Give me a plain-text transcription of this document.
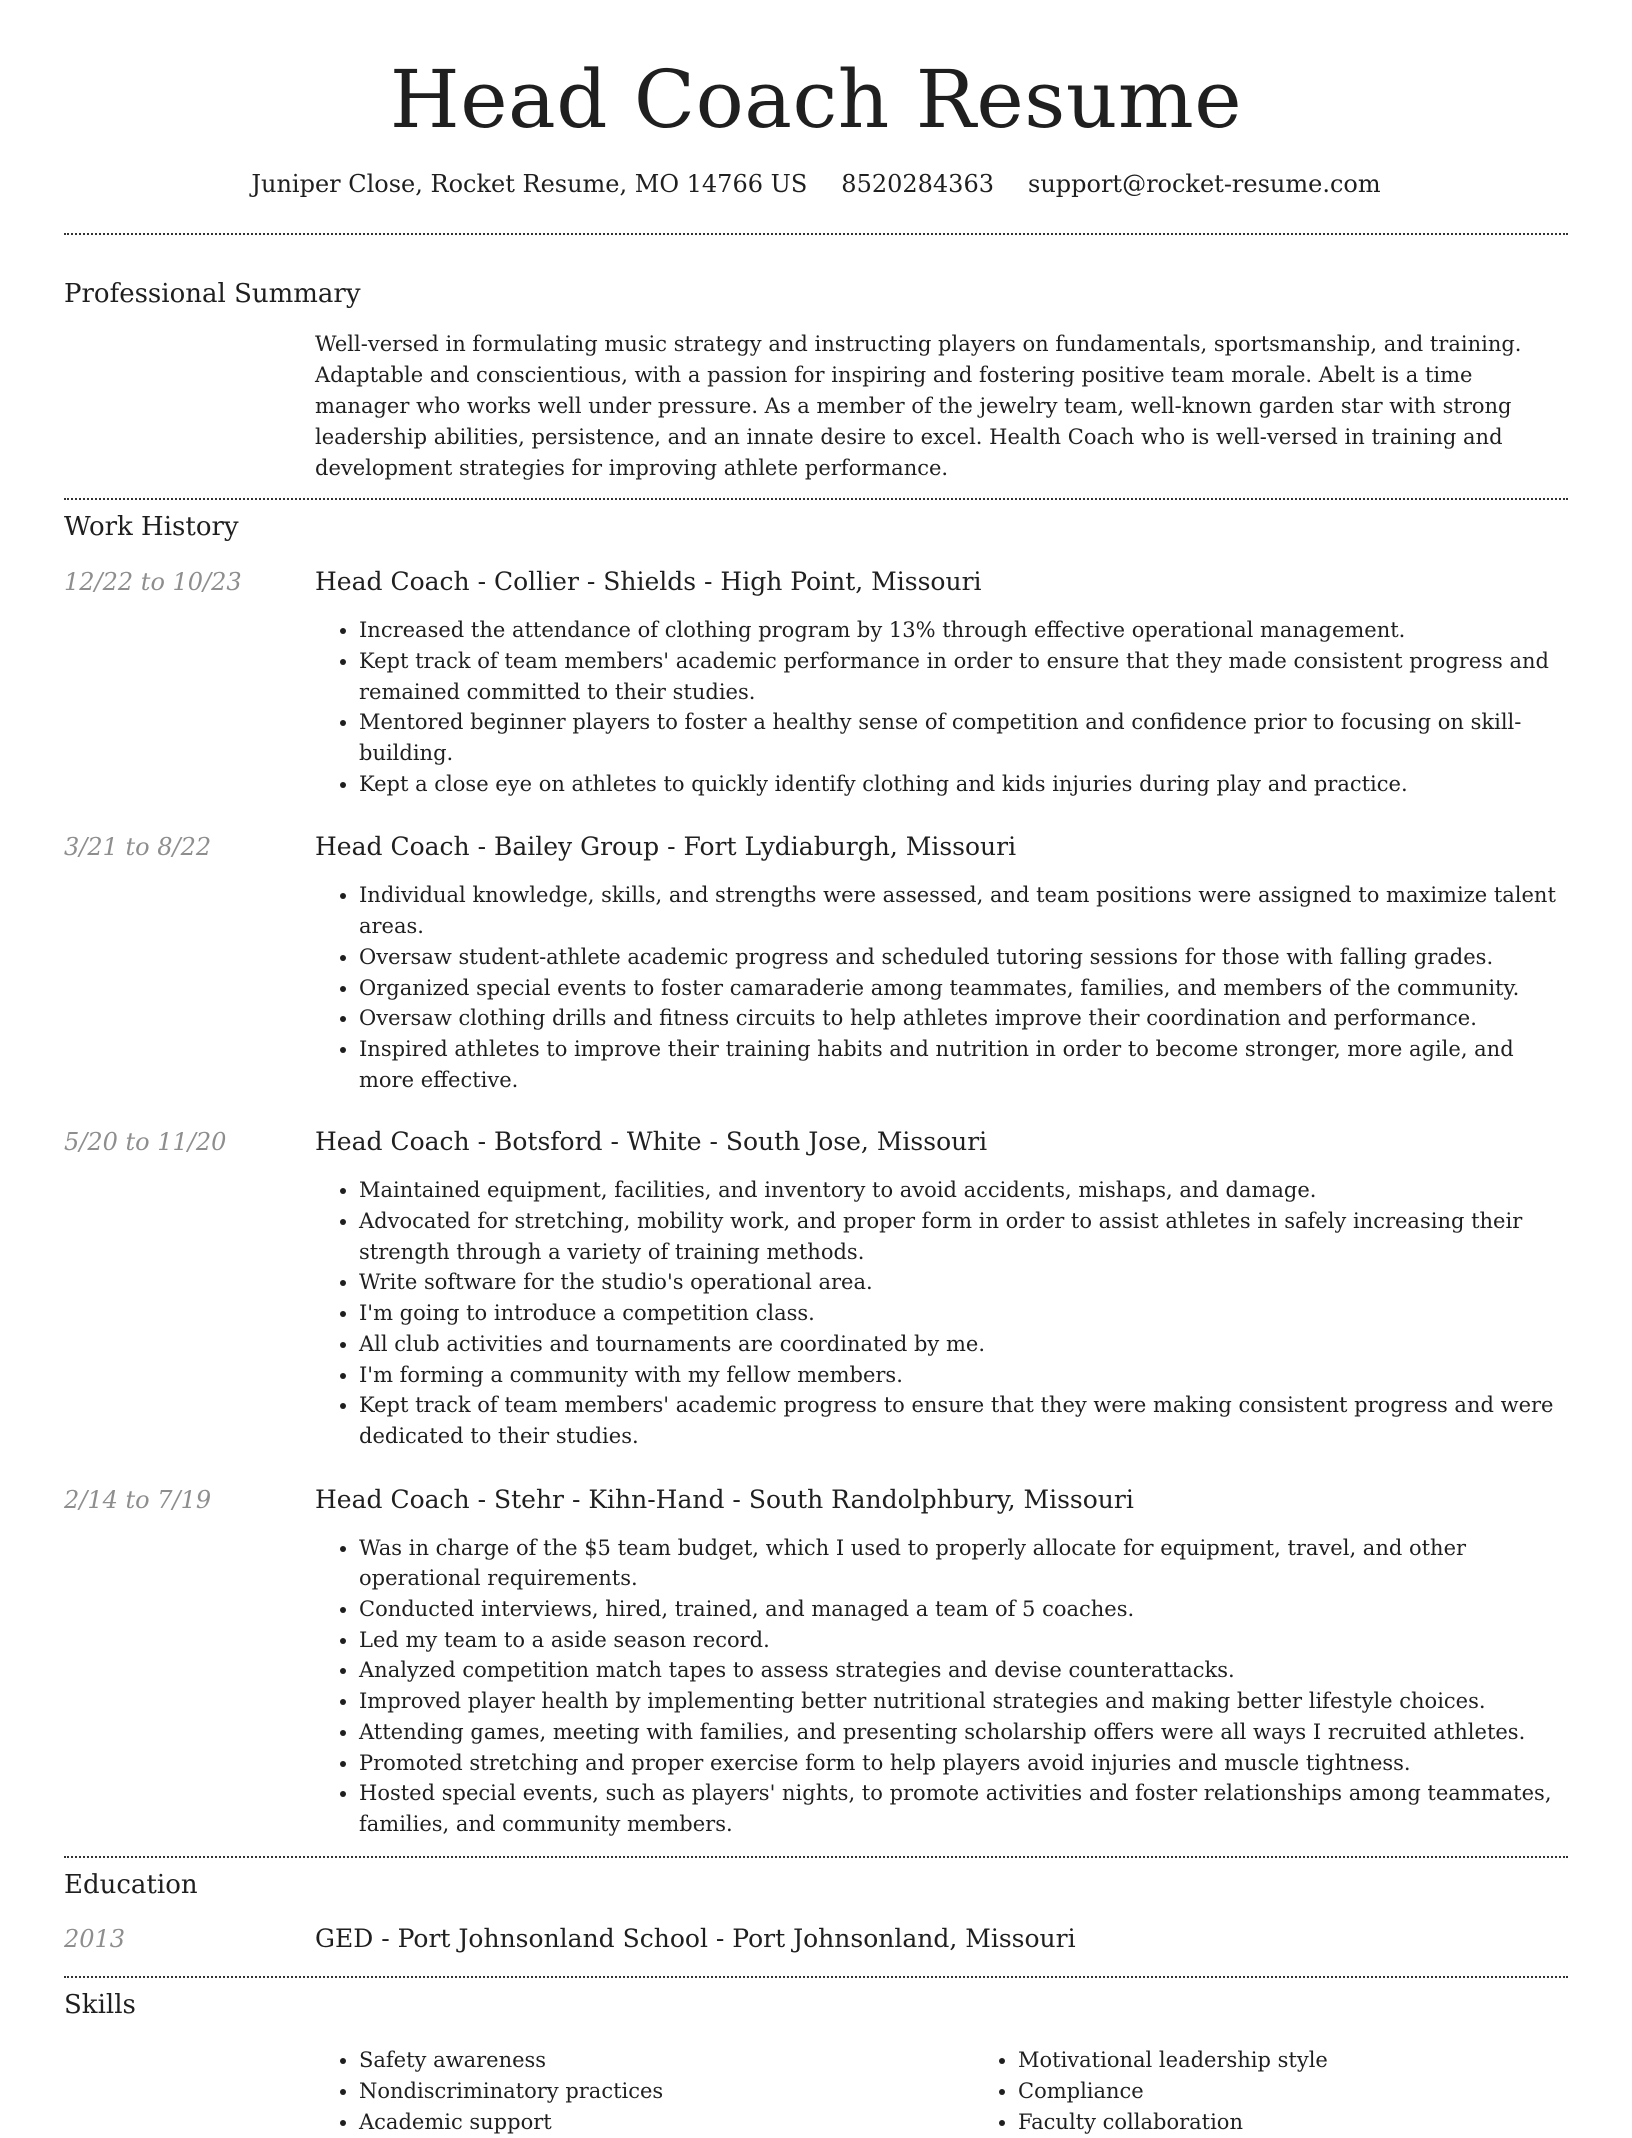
Head Coach Resume
Juniper Close, Rocket Resume, MO 14766 US 8520284363 support@rocket-resume.com
Professional Summary

Well-versed in formulating music strategy and instructing players on fundamentals, sportsmanship, and training. Adaptable and conscientious, with a passion for inspiring and fostering positive team morale. Abelt is a time manager who works well under pressure. As a member of the jewelry team, well-known garden star with strong leadership abilities, persistence, and an innate desire to excel. Health Coach who is well-versed in training and development strategies for improving athlete performance.

Work History
12/22 to 10/23	Head Coach - Collier - Shields - High Point, Missouri
• Increased the attendance of clothing program by 13% through effective operational management.
• Kept track of team members' academic performance in order to ensure that they made consistent progress and remained committed to their studies.
• Mentored beginner players to foster a healthy sense of competition and confidence prior to focusing on skill-building.
• Kept a close eye on athletes to quickly identify clothing and kids injuries during play and practice.
3/21 to 8/22	Head Coach - Bailey Group - Fort Lydiaburgh, Missouri
• Individual knowledge, skills, and strengths were assessed, and team positions were assigned to maximize talent areas.
• Oversaw student-athlete academic progress and scheduled tutoring sessions for those with falling grades.
• Organized special events to foster camaraderie among teammates, families, and members of the community.
• Oversaw clothing drills and fitness circuits to help athletes improve their coordination and performance.
• Inspired athletes to improve their training habits and nutrition in order to become stronger, more agile, and more effective.
5/20 to 11/20	Head Coach - Botsford - White - South Jose, Missouri
• Maintained equipment, facilities, and inventory to avoid accidents, mishaps, and damage.
• Advocated for stretching, mobility work, and proper form in order to assist athletes in safely increasing their strength through a variety of training methods.
• Write software for the studio's operational area.
• I'm going to introduce a competition class.
• All club activities and tournaments are coordinated by me.
• I'm forming a community with my fellow members.
• Kept track of team members' academic progress to ensure that they were making consistent progress and were dedicated to their studies.
2/14 to 7/19	Head Coach - Stehr - Kihn-Hand - South Randolphbury, Missouri
• Was in charge of the $5 team budget, which I used to properly allocate for equipment, travel, and other operational requirements.
• Conducted interviews, hired, trained, and managed a team of 5 coaches.
• Led my team to a aside season record.
• Analyzed competition match tapes to assess strategies and devise counterattacks.
• Improved player health by implementing better nutritional strategies and making better lifestyle choices.
• Attending games, meeting with families, and presenting scholarship offers were all ways I recruited athletes.
• Promoted stretching and proper exercise form to help players avoid injuries and muscle tightness.
• Hosted special events, such as players' nights, to promote activities and foster relationships among teammates, families, and community members.
Education
2013	GED - Port Johnsonland School - Port Johnsonland, Missouri
Skills
• Safety awareness
• Nondiscriminatory practices
• Academic support
• Motivational leadership style
• Compliance
• Faculty collaboration
